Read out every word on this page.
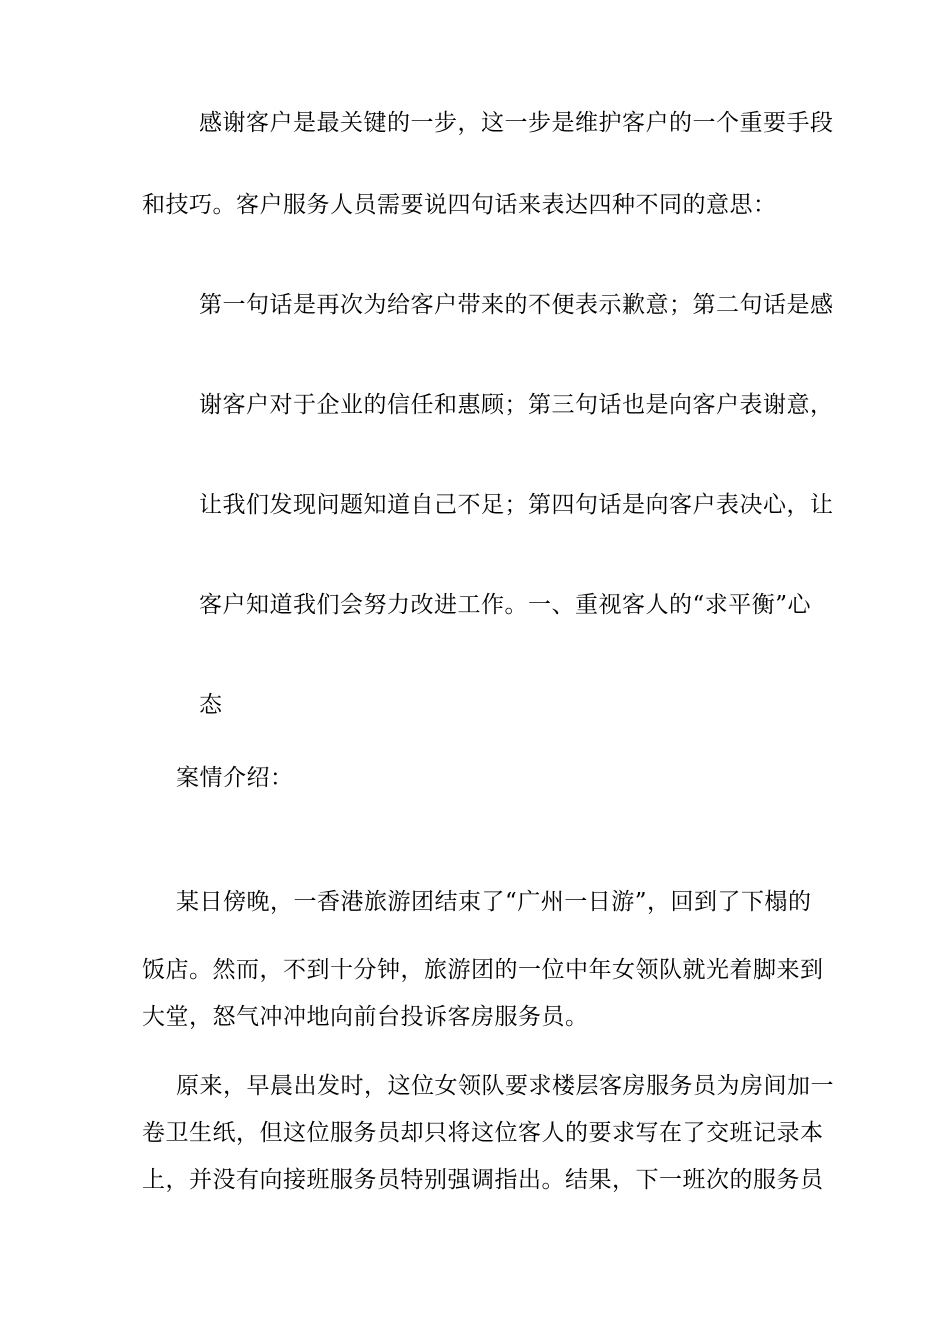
感谢客户是最关键的一步，这一步是维护客户的一个重要手段
和技巧。客户服务人员需要说四句话来表达四种不同的意思：
第一句话是再次为给客户带来的不便表示歉意；第二句话是感
谢客户对于企业的信任和惠顾；第三句话也是向客户表谢意，
让我们发现问题知道自己不足；第四句话是向客户表决心，让
客户知道我们会努力改进工作。一、重视客人的“求平衡”心
态
案情介绍：
某日傍晚，一香港旅游团结束了“广州一日游”，回到了下榻的
饭店。然而，不到十分钟，旅游团的一位中年女领队就光着脚来到
大堂，怒气冲冲地向前台投诉客房服务员。
原来，早晨出发时，这位女领队要求楼层客房服务员为房间加一
卷卫生纸，但这位服务员却只将这位客人的要求写在了交班记录本
上，并没有向接班服务员特别强调指出。结果，下一班次的服务员
